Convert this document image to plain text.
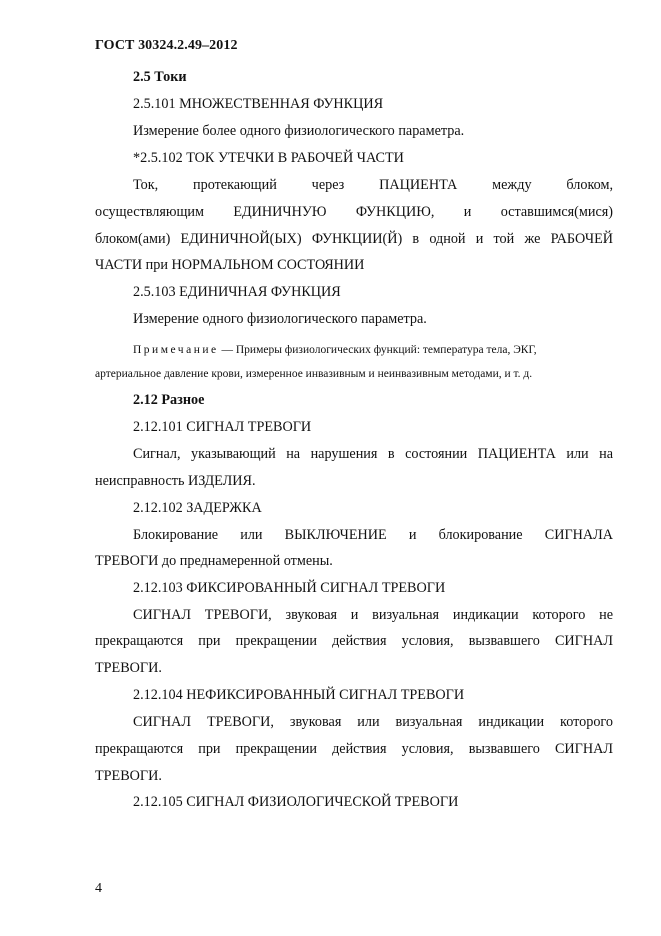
ГОСТ 30324.2.49–2012
2.5 Токи
2.5.101 МНОЖЕСТВЕННАЯ ФУНКЦИЯ
Измерение более одного физиологического параметра.
*2.5.102 ТОК УТЕЧКИ В РАБОЧЕЙ ЧАСТИ
Ток, протекающий через ПАЦИЕНТА между блоком,
осуществляющим ЕДИНИЧНУЮ ФУНКЦИЮ, и оставшимся(мися)
блоком(ами) ЕДИНИЧНОЙ(ЫХ) ФУНКЦИИ(Й) в одной и той же РАБОЧЕЙ
ЧАСТИ при НОРМАЛЬНОМ СОСТОЯНИИ
2.5.103 ЕДИНИЧНАЯ ФУНКЦИЯ
Измерение одного физиологического параметра.
Примечание — Примеры физиологических функций: температура тела, ЭКГ,
артериальное давление крови, измеренное инвазивным и неинвазивным методами, и т. д.
2.12 Разное
2.12.101 СИГНАЛ ТРЕВОГИ
Сигнал, указывающий на нарушения в состоянии ПАЦИЕНТА или на
неисправность ИЗДЕЛИЯ.
2.12.102 ЗАДЕРЖКА
Блокирование или ВЫКЛЮЧЕНИЕ и блокирование СИГНАЛА
ТРЕВОГИ до преднамеренной отмены.
2.12.103 ФИКСИРОВАННЫЙ СИГНАЛ ТРЕВОГИ
СИГНАЛ ТРЕВОГИ, звуковая и визуальная индикации которого не
прекращаются при прекращении действия условия, вызвавшего СИГНАЛ
ТРЕВОГИ.
2.12.104 НЕФИКСИРОВАННЫЙ СИГНАЛ ТРЕВОГИ
СИГНАЛ ТРЕВОГИ, звуковая или визуальная индикации которого
прекращаются при прекращении действия условия, вызвавшего СИГНАЛ
ТРЕВОГИ.
2.12.105 СИГНАЛ ФИЗИОЛОГИЧЕСКОЙ ТРЕВОГИ
4
